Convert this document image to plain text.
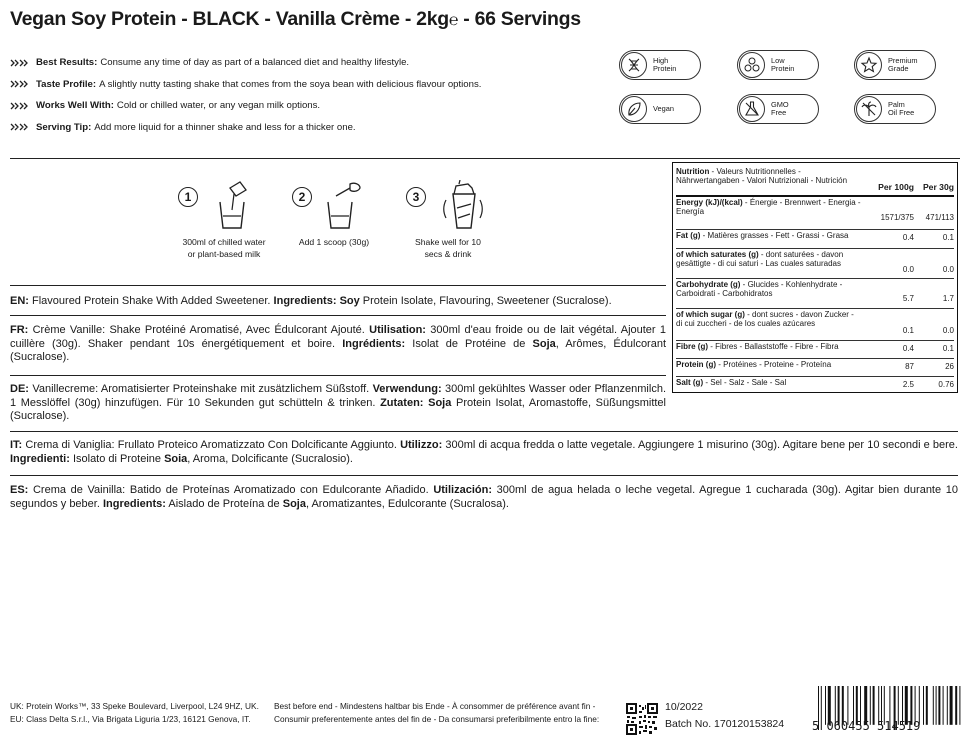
Vegan Soy Protein - BLACK - Vanilla Crème - 2kg℮ - 66 Servings
Best Results: Consume any time of day as part of a balanced diet and healthy lifestyle.
Taste Profile: A slightly nutty tasting shake that comes from the soya bean with delicious flavour options.
Works Well With: Cold or chilled water, or any vegan milk options.
Serving Tip: Add more liquid for a thinner shake and less for a thicker one.
High
Protein
Low
Protein
Premium
Grade
Vegan	GMO
Free
Palm
Oil Free
1
300ml of chilled water
or plant-based milk
2
Add 1 scoop (30g)
3
Shake well for 10
secs & drink
EN: Flavoured Protein Shake With Added Sweetener. Ingredients: Soy Protein Isolate, Flavouring, Sweetener (Sucralose).
FR: Crème Vanille: Shake Protéiné Aromatisé, Avec Édulcorant Ajouté. Utilisation: 300ml d'eau froide ou de lait végétal. Ajouter 1 cuillère (30g). Shaker pendant 10s énergétiquement et boire. Ingrédients: Isolat de Protéine de Soja, Arômes, Édulcorant (Sucralose).
DE: Vanillecreme: Aromatisierter Proteinshake mit zusätzlichem Süßstoff. Verwendung: 300ml gekühltes Wasser oder Pflanzenmilch. 1 Messlöffel (30g) hinzufügen. Für 10 Sekunden gut schütteln & trinken. Zutaten: Soja Protein Isolat, Aromastoffe, Süßungsmittel (Sucralose).
IT: Crema di Vaniglia: Frullato Proteico Aromatizzato Con Dolcificante Aggiunto. Utilizzo: 300ml di acqua fredda o latte vegetale. Aggiungere 1 misurino (30g). Agitare bene per 10 secondi e bere. Ingredienti: Isolato di Proteine Soia, Aroma, Dolcificante (Sucralosio).
ES: Crema de Vainilla: Batido de Proteínas Aromatizado con Edulcorante Añadido. Utilización: 300ml de agua helada o leche vegetal. Agregue 1 cucharada (30g). Agitar bien durante 10 segundos y beber. Ingredients: Aislado de Proteína de Soja, Aromatizantes, Edulcorante (Sucralosa).
Nutrition - Valeurs Nutritionnelles - Nährwertangaben - Valori Nutrizionali - Nutrición
Per 100g	Per 30g
Energy (kJ)/(kcal) - Énergie - Brennwert - Energia - Energía
1571/375	471/113
Fat (g) - Matières grasses - Fett - Grassi - Grasa	0.4	0.1
of which saturates (g) - dont saturées - davon gesättigte - di cui saturi - Las cuales saturadas
0.0	0.0
Carbohydrate (g) - Glucides - Kohlenhydrate - Carboidrati - Carbohidratos
5.7	1.7
of which sugar (g) - dont sucres - davon Zucker - di cui zuccheri - de los cuales azúcares
0.1	0.0
Fibre (g) - Fibres - Ballaststoffe - Fibre - Fibra	0.4	0.1
Protein (g) - Protéines - Proteine - Proteína	87	26
Salt (g) - Sel - Salz - Sale - Sal	2.5	0.76
UK: Protein Works™, 33 Speke Boulevard, Liverpool, L24 9HZ, UK.
EU: Class Delta S.r.l., Via Brigata Liguria 1/23, 16121 Genova, IT.
Best before end - Mindestens haltbar bis Ende - À consommer de préférence avant fin -
Consumir preferentemente antes del fin de - Da consumarsi preferibilmente entro la fine:
10/2022
Batch No. 170120153824 5 060455 514519
